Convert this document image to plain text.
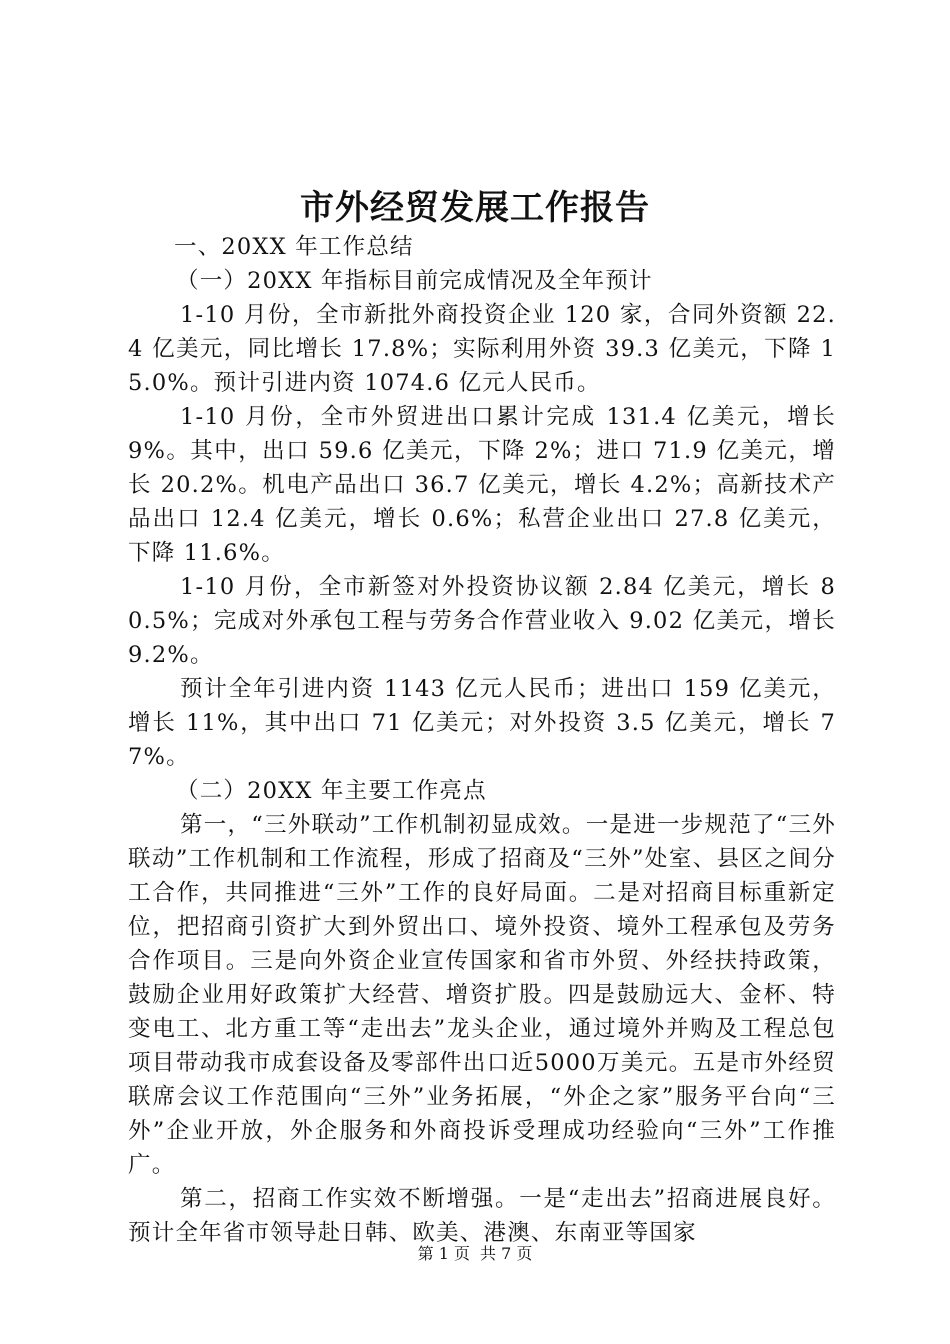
市外经贸发展工作报告

一、20XX 年工作总结

（一）20XX 年指标目前完成情况及全年预计

1-10 月份，全市新批外商投资企业 120 家，合同外资额 22.4 亿美元，同比增长 17.8%；实际利用外资 39.3 亿美元，下降 15.0%。预计引进内资 1074.6 亿元人民币。

1-10 月份，全市外贸进出口累计完成 131.4 亿美元，增长 9%。其中，出口 59.6 亿美元，下降 2%；进口 71.9 亿美元，增长 20.2%。机电产品出口 36.7 亿美元，增长 4.2%；高新技术产品出口 12.4 亿美元，增长 0.6%；私营企业出口 27.8 亿美元，下降 11.6%。

1-10 月份，全市新签对外投资协议额 2.84 亿美元，增长 80.5%；完成对外承包工程与劳务合作营业收入 9.02 亿美元，增长 9.2%。

预计全年引进内资 1143 亿元人民币；进出口 159 亿美元，增长 11%，其中出口 71 亿美元；对外投资 3.5 亿美元，增长 77%。

（二）20XX 年主要工作亮点

第一，“三外联动”工作机制初显成效。一是进一步规范了“三外联动”工作机制和工作流程，形成了招商及“三外”处室、县区之间分工合作，共同推进“三外”工作的良好局面。二是对招商目标重新定位，把招商引资扩大到外贸出口、境外投资、境外工程承包及劳务合作项目。三是向外资企业宣传国家和省市外贸、外经扶持政策，鼓励企业用好政策扩大经营、增资扩股。四是鼓励远大、金杯、特变电工、北方重工等“走出去”龙头企业，通过境外并购及工程总包项目带动我市成套设备及零部件出口近5000万美元。五是市外经贸联席会议工作范围向“三外”业务拓展，“外企之家”服务平台向“三外”企业开放，外企服务和外商投诉受理成功经验向“三外”工作推广。

第二，招商工作实效不断增强。一是“走出去”招商进展良好。预计全年省市领导赴日韩、欧美、港澳、东南亚等国家

第 1 页 共 7 页
